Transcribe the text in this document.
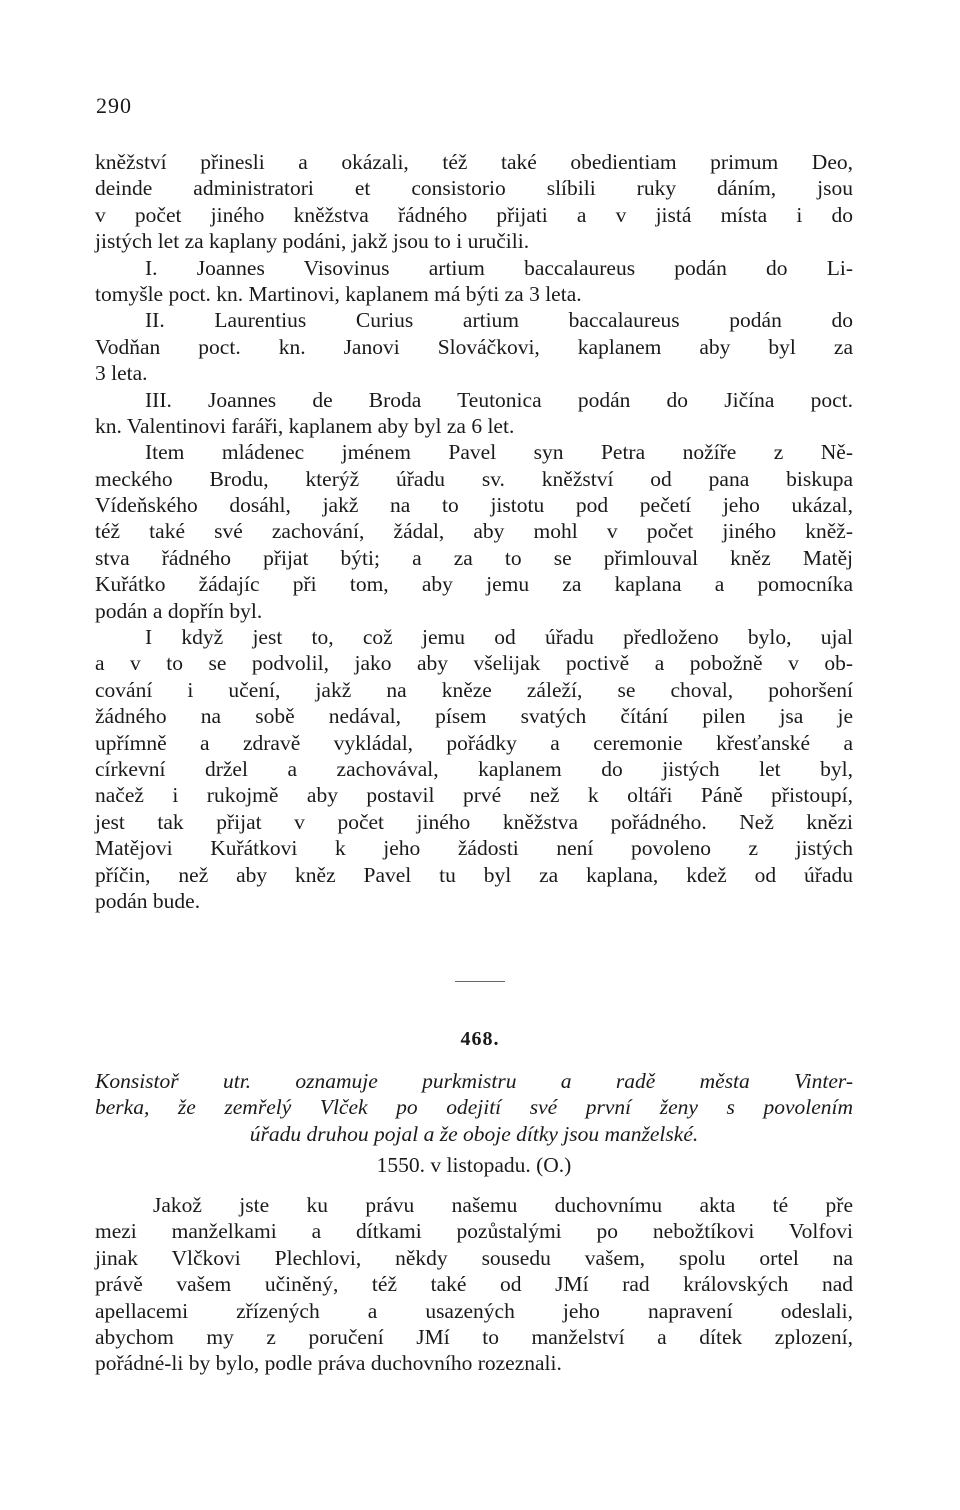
290
kněžství přinesli a okázali, též také obedientiam primum Deo,
deinde administratori et consistorio slíbili ruky dáním, jsou
v počet jiného kněžstva řádného přijati a v jistá místa i do
jistých let za kaplany podáni, jakž jsou to i uručili.
I. Joannes Visovinus artium baccalaureus podán do Li-
tomyšle poct. kn. Martinovi, kaplanem má býti za 3 leta.
II. Laurentius Curius artium baccalaureus podán do
Vodňan poct. kn. Janovi Slováčkovi, kaplanem aby byl za
3 leta.
III. Joannes de Broda Teutonica podán do Jičína poct.
kn. Valentinovi faráři, kaplanem aby byl za 6 let.
Item mládenec jménem Pavel syn Petra nožíře z Ně-
meckého Brodu, kterýž úřadu sv. kněžství od pana biskupa
Vídeňského dosáhl, jakž na to jistotu pod pečetí jeho ukázal,
též také své zachování, žádal, aby mohl v počet jiného kněž-
stva řádného přijat býti; a za to se přimlouval kněz Matěj
Kuřátko žádajíc při tom, aby jemu za kaplana a pomocníka
podán a dopřín byl.
I když jest to, což jemu od úřadu předloženo bylo, ujal
a v to se podvolil, jako aby všelijak poctivě a pobožně v ob-
cování i učení, jakž na kněze záleží, se choval, pohoršení
žádného na sobě nedával, písem svatých čítání pilen jsa je
upřímně a zdravě vykládal, pořádky a ceremonie křesťanské a
církevní držel a zachovával, kaplanem do jistých let byl,
načež i rukojmě aby postavil prvé než k oltáři Páně přistoupí,
jest tak přijat v počet jiného kněžstva pořádného. Než knězi
Matějovi Kuřátkovi k jeho žádosti není povoleno z jistých
příčin, než aby kněz Pavel tu byl za kaplana, kdež od úřadu
podán bude.
468.
Konsistoř utr. oznamuje purkmistru a radě města Vinter-
berka, že zemřelý Vlček po odejití své první ženy s povolením
úřadu druhou pojal a že oboje dítky jsou manželské.
1550. v listopadu. (O.)
Jakož jste ku právu našemu duchovnímu akta té pře
mezi manželkami a dítkami pozůstalými po nebožtíkovi Volfovi
jinak Vlčkovi Plechlovi, někdy sousedu vašem, spolu ortel na
právě vašem učiněný, též také od JMí rad královských nad
apellacemi zřízených a usazených jeho napravení odeslali,
abychom my z poručení JMí to manželství a dítek zplození,
pořádné-li by bylo, podle práva duchovního rozeznali.
